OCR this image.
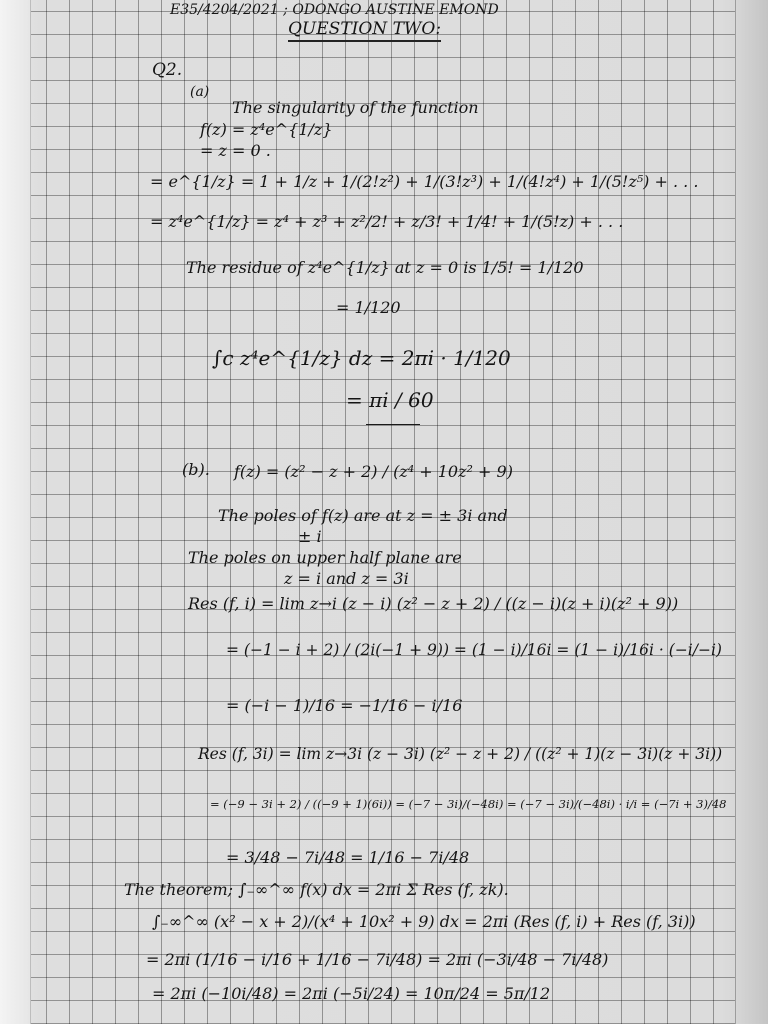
E35/4204/2021 ; ODONGO AUSTINE EMOND
QUESTION TWO:
Q2.
(a)
The singularity of the function
f(z) = z⁴e^{1/z}
= z = 0 .
= e^{1/z} = 1 + 1/z + 1/(2!z²) + 1/(3!z³) + 1/(4!z⁴) + 1/(5!z⁵) + . . .
= z⁴e^{1/z} = z⁴ + z³ + z²/2! + z/3! + 1/4! + 1/(5!z) + . . .
The residue of z⁴e^{1/z} at z = 0 is 1/5! = 1/120
= 1/120
∫c z⁴e^{1/z} dz = 2πi · 1/120
= πi / 60
(b). f(z) = (z² − z + 2) / (z⁴ + 10z² + 9)
The poles of f(z) are at z = ± 3i and
± i
The poles on upper half plane are
z = i and z = 3i
Res (f, i) = lim z→i (z − i) (z² − z + 2) / ((z − i)(z + i)(z² + 9))
= (−1 − i + 2) / (2i(−1 + 9)) = (1 − i)/16i = (1 − i)/16i · (−i/−i)
= (−i − 1)/16 = −1/16 − i/16
Res (f, 3i) = lim z→3i (z − 3i) (z² − z + 2) / ((z² + 1)(z − 3i)(z + 3i))
= (−9 − 3i + 2) / ((−9 + 1)(6i)) = (−7 − 3i)/(−48i) = (−7 − 3i)/(−48i) · i/i = (−7i + 3)/48
= 3/48 − 7i/48 = 1/16 − 7i/48
The theorem; ∫₋∞^∞ f(x) dx = 2πi Σ Res (f, zk).
∫₋∞^∞ (x² − x + 2)/(x⁴ + 10x² + 9) dx = 2πi (Res (f, i) + Res (f, 3i))
= 2πi (1/16 − i/16 + 1/16 − 7i/48) = 2πi (−3i/48 − 7i/48)
= 2πi (−10i/48) = 2πi (−5i/24) = 10π/24 = 5π/12
